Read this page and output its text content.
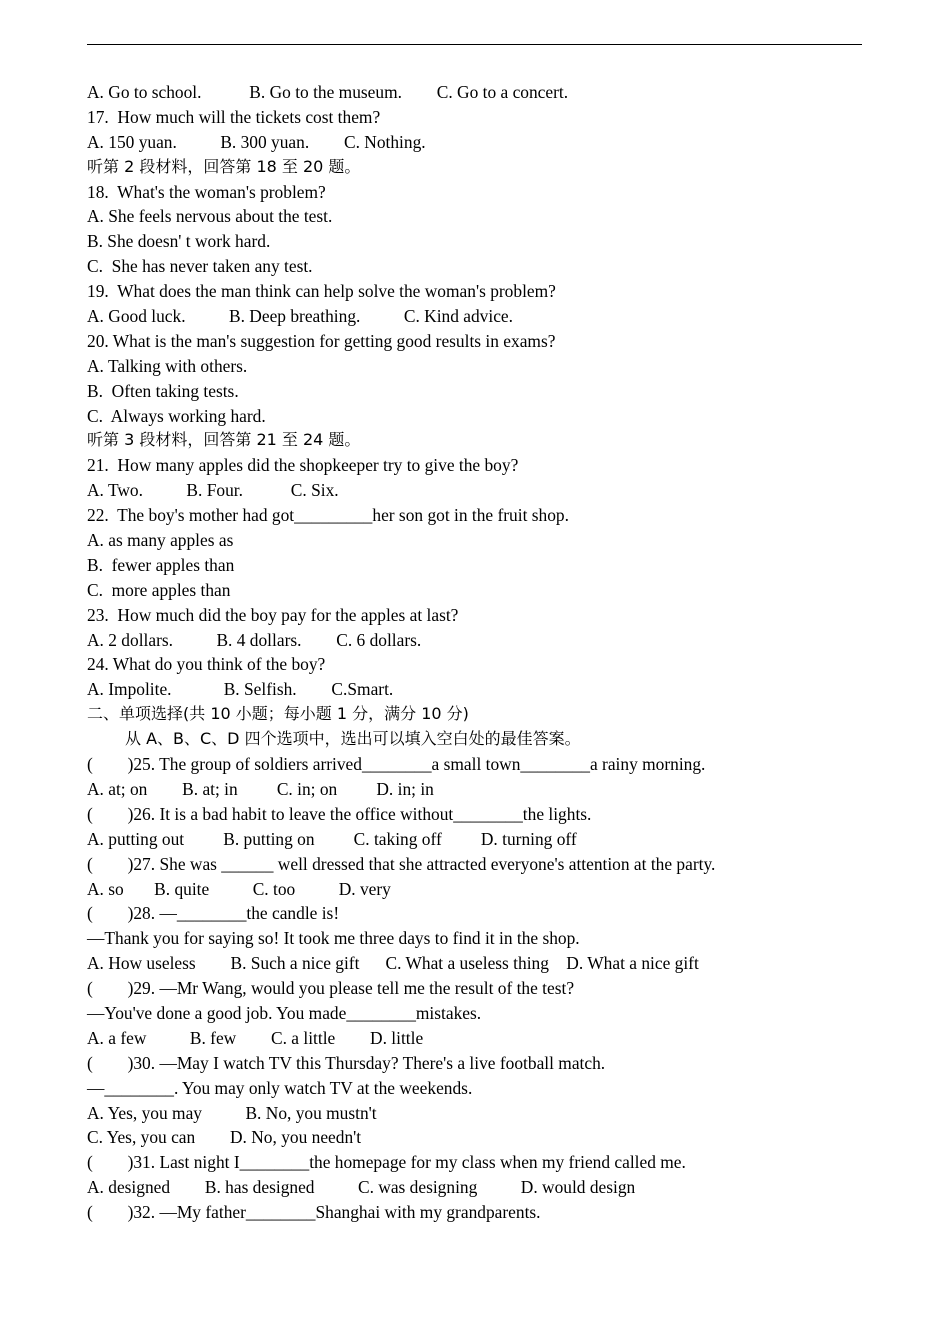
A. Go to school.           B. Go to the museum.        C. Go to a concert.
17.  How much will the tickets cost them?
A. 150 yuan.          B. 300 yuan.        C. Nothing.
听第 2 段材料，回答第 18 至 20 题。
18.  What's the woman's problem?
A. She feels nervous about the test.
B. She doesn' t work hard.
C.  She has never taken any test.
19.  What does the man think can help solve the woman's problem?
A. Good luck.          B. Deep breathing.          C. Kind advice.
20. What is the man's suggestion for getting good results in exams?
A. Talking with others.
B.  Often taking tests.
C.  Always working hard.
听第 3 段材料，回答第 21 至 24 题。
21.  How many apples did the shopkeeper try to give the boy?
A. Two.          B. Four.           C. Six.
22.  The boy's mother had got_________her son got in the fruit shop.
A. as many apples as
B.  fewer apples than
C.  more apples than
23.  How much did the boy pay for the apples at last?
A. 2 dollars.          B. 4 dollars.        C. 6 dollars.
24. What do you think of the boy?
A. Impolite.            B. Selfish.        C.Smart.
二、单项选择(共 10 小题；每小题 1 分，满分 10 分)
从 A、B、C、D 四个选项中，选出可以填入空白处的最佳答案。
(        )25. The group of soldiers arrived________a small town________a rainy morning.
A. at; on        B. at; in         C. in; on         D. in; in
(        )26. It is a bad habit to leave the office without________the lights.
A. putting out         B. putting on         C. taking off         D. turning off
(        )27. She was ______ well dressed that she attracted everyone's attention at the party.
A. so       B. quite          C. too          D. very
(        )28. —________the candle is!
—Thank you for saying so! It took me three days to find it in the shop.
A. How useless        B. Such a nice gift      C. What a useless thing    D. What a nice gift
(        )29. —Mr Wang, would you please tell me the result of the test?
—You've done a good job. You made________mistakes.
A. a few          B. few        C. a little        D. little
(        )30. —May I watch TV this Thursday? There's a live football match.
—________. You may only watch TV at the weekends.
A. Yes, you may          B. No, you mustn't
C. Yes, you can        D. No, you needn't
(        )31. Last night I________the homepage for my class when my friend called me.
A. designed        B. has designed          C. was designing          D. would design
(        )32. —My father________Shanghai with my grandparents.
